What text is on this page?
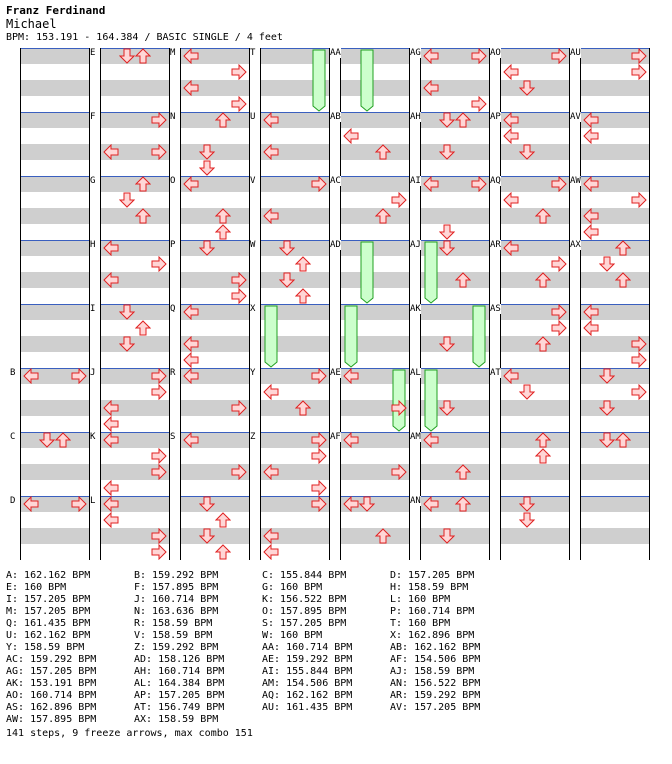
Franz Ferdinand
Michael
BPM: 153.191 - 164.384 / BASIC SINGLE / 4 feet
B
C
D
E
F
G
H
I
J
K
L
M
N
O
P
Q
R
S
T
U
V
W
X
Y
Z
AA
AB
AC
AD
AE
AF
AG
AH
AI
AJ
AK
AL
AM
AN
AO
AP
AQ
AR
AS
AT
AU
AV
AW
AX
A: 162.162 BPM	B: 159.292 BPM	C: 155.844 BPM	D: 157.205 BPM
E: 160 BPM	F: 157.895 BPM	G: 160 BPM	H: 158.59 BPM
I: 157.205 BPM	J: 160.714 BPM	K: 156.522 BPM	L: 160 BPM
M: 157.205 BPM	N: 163.636 BPM	O: 157.895 BPM	P: 160.714 BPM
Q: 161.435 BPM	R: 158.59 BPM	S: 157.205 BPM	T: 160 BPM
U: 162.162 BPM	V: 158.59 BPM	W: 160 BPM	X: 162.896 BPM
Y: 158.59 BPM	Z: 159.292 BPM	AA: 160.714 BPM	AB: 162.162 BPM
AC: 159.292 BPM	AD: 158.126 BPM	AE: 159.292 BPM	AF: 154.506 BPM
AG: 157.205 BPM	AH: 160.714 BPM	AI: 155.844 BPM	AJ: 158.59 BPM
AK: 153.191 BPM	AL: 164.384 BPM	AM: 154.506 BPM	AN: 156.522 BPM
AO: 160.714 BPM	AP: 157.205 BPM	AQ: 162.162 BPM	AR: 159.292 BPM
AS: 162.896 BPM	AT: 156.749 BPM	AU: 161.435 BPM	AV: 157.205 BPM
AW: 157.895 BPM	AX: 158.59 BPM
141 steps, 9 freeze arrows, max combo 151
